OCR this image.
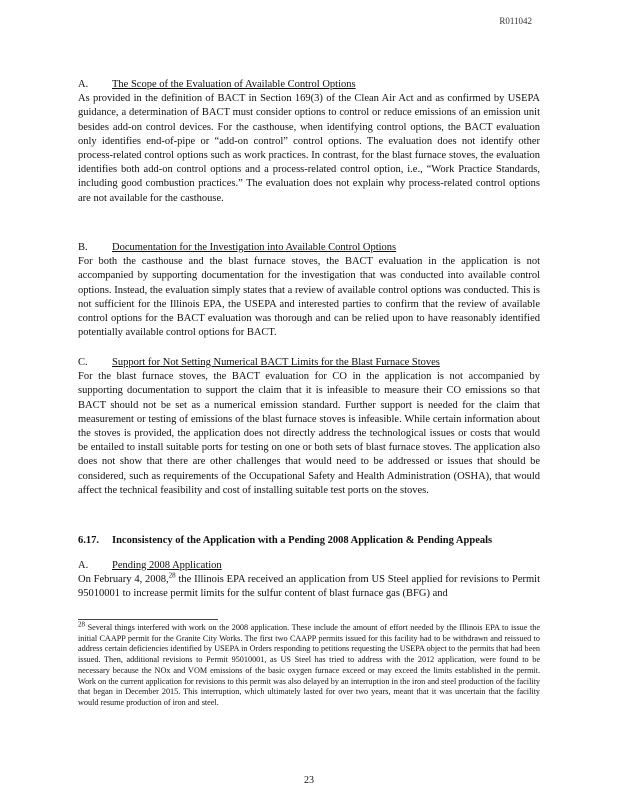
R011042
A. The Scope of the Evaluation of Available Control Options

As provided in the definition of BACT in Section 169(3) of the Clean Air Act and as confirmed by USEPA guidance, a determination of BACT must consider options to control or reduce emissions of an emission unit besides add-on control devices. For the casthouse, when identifying control options, the BACT evaluation only identifies end-of-pipe or “add-on control” control options. The evaluation does not identify other process-related control options such as work practices. In contrast, for the blast furnace stoves, the evaluation identifies both add-on control options and a process-related control option, i.e., “Work Practice Standards, including good combustion practices.” The evaluation does not explain why process-related control options are not available for the casthouse.

B. Documentation for the Investigation into Available Control Options

For both the casthouse and the blast furnace stoves, the BACT evaluation in the application is not accompanied by supporting documentation for the investigation that was conducted into available control options. Instead, the evaluation simply states that a review of available control options was conducted. This is not sufficient for the Illinois EPA, the USEPA and interested parties to confirm that the review of available control options for the BACT evaluation was thorough and can be relied upon to have reasonably identified potentially available control options for BACT.

C. Support for Not Setting Numerical BACT Limits for the Blast Furnace Stoves

For the blast furnace stoves, the BACT evaluation for CO in the application is not accompanied by supporting documentation to support the claim that it is infeasible to measure their CO emissions so that BACT should not be set as a numerical emission standard. Further support is needed for the claim that measurement or testing of emissions of the blast furnace stoves is infeasible. While certain information about the stoves is provided, the application does not directly address the technological issues or costs that would be entailed to install suitable ports for testing on one or both sets of blast furnace stoves. The application also does not show that there are other challenges that would need to be addressed or issues that should be considered, such as requirements of the Occupational Safety and Health Administration (OSHA), that would affect the technical feasibility and cost of installing suitable test ports on the stoves.

6.17. Inconsistency of the Application with a Pending 2008 Application & Pending Appeals
A. Pending 2008 Application

On February 4, 2008,28 the Illinois EPA received an application from US Steel applied for revisions to Permit 95010001 to increase permit limits for the sulfur content of blast furnace gas (BFG) and

$^{28}$ Several things interfered with work on the 2008 application. These include the amount of effort needed by the Illinois EPA to issue the initial CAAPP permit for the Granite City Works. The first two CAAPP permits issued for this facility had to be withdrawn and reissued to address certain deficiencies identified by USEPA in Orders responding to petitions requesting the USEPA object to the permits that had been issued. Then, additional revisions to Permit 95010001, as US Steel has tried to address with the 2012 application, were found to be necessary because the NOx and VOM emissions of the basic oxygen furnace exceed or may exceed the limits established in the permit. Work on the current application for revisions to this permit was also delayed by an interruption in the iron and steel production of the facility that began in December 2015. This interruption, which ultimately lasted for over two years, meant that it was uncertain that the facility would resume production of iron and steel.
23
